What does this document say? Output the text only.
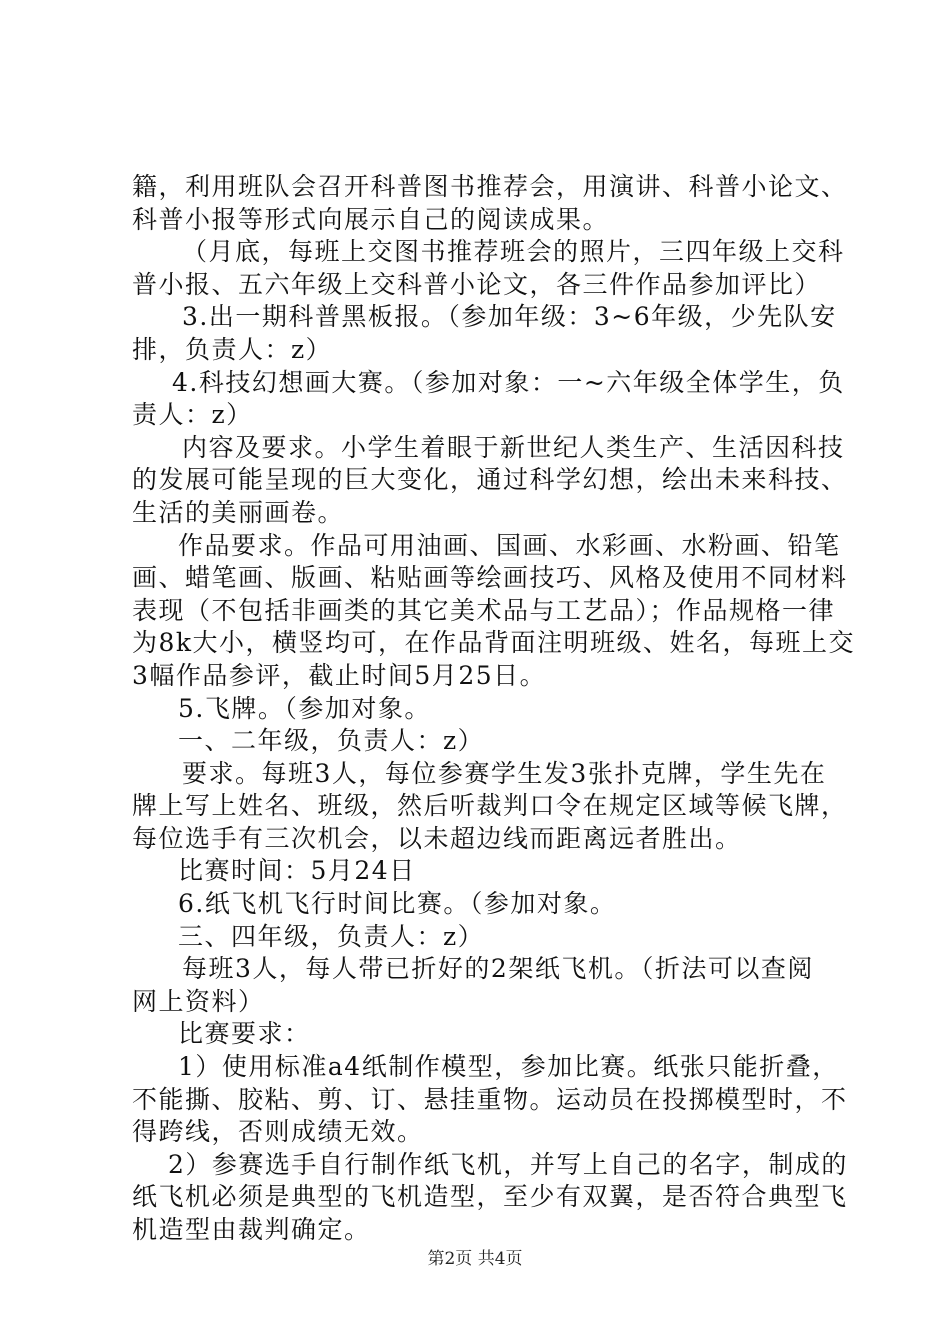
籍，利用班队会召开科普图书推荐会，用演讲、科普小论文、
科普小报等形式向展示自己的阅读成果。
（月底，每班上交图书推荐班会的照片，三四年级上交科
普小报、五六年级上交科普小论文，各三件作品参加评比）
3.出一期科普黑板报。（参加年级：3~6年级，少先队安
排，负责人：z）
4.科技幻想画大赛。（参加对象：一~六年级全体学生，负
责人：z）
内容及要求。小学生着眼于新世纪人类生产、生活因科技
的发展可能呈现的巨大变化，通过科学幻想，绘出未来科技、
生活的美丽画卷。
作品要求。作品可用油画、国画、水彩画、水粉画、铅笔
画、蜡笔画、版画、粘贴画等绘画技巧、风格及使用不同材料
表现（不包括非画类的其它美术品与工艺品）；作品规格一律
为8k大小，横竖均可，在作品背面注明班级、姓名，每班上交
3幅作品参评，截止时间5月25日。
5.飞牌。（参加对象。
一、二年级，负责人：z）
要求。每班3人，每位参赛学生发3张扑克牌，学生先在
牌上写上姓名、班级，然后听裁判口令在规定区域等候飞牌，
每位选手有三次机会，以未超边线而距离远者胜出。
比赛时间：5月24日
6.纸飞机飞行时间比赛。（参加对象。
三、四年级，负责人：z）
每班3人，每人带已折好的2架纸飞机。（折法可以查阅
网上资料）
比赛要求：
1）使用标准a4纸制作模型，参加比赛。纸张只能折叠，
不能撕、胶粘、剪、订、悬挂重物。运动员在投掷模型时，不
得跨线，否则成绩无效。
2）参赛选手自行制作纸飞机，并写上自己的名字，制成的
纸飞机必须是典型的飞机造型，至少有双翼，是否符合典型飞
机造型由裁判确定。
第2页 共4页
